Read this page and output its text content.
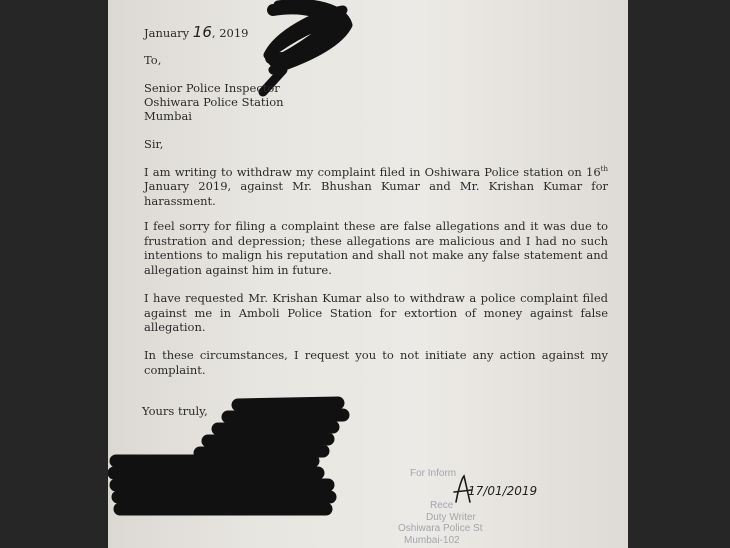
January 16, 2019
To,
Senior Police Inspector
Oshiwara Police Station
Mumbai
Sir,
I am writing to withdraw my complaint filed in Oshiwara Police station on 16th January 2019, against Mr. Bhushan Kumar and Mr. Krishan Kumar for harassment.
I feel sorry for filing a complaint these are false allegations and it was due to frustration and depression; these allegations are malicious and I had no such intentions to malign his reputation and shall not make any false statement and allegation against him in future.
I have requested Mr. Krishan Kumar also to withdraw a police complaint filed against me in Amboli Police Station for extortion of money against false allegation.
In these circumstances, I request you to not initiate any action against my complaint.
Yours truly,
For Inform
Rece
Duty Writer
Oshiwara Police St
Mumbai-102
17/01/2019
